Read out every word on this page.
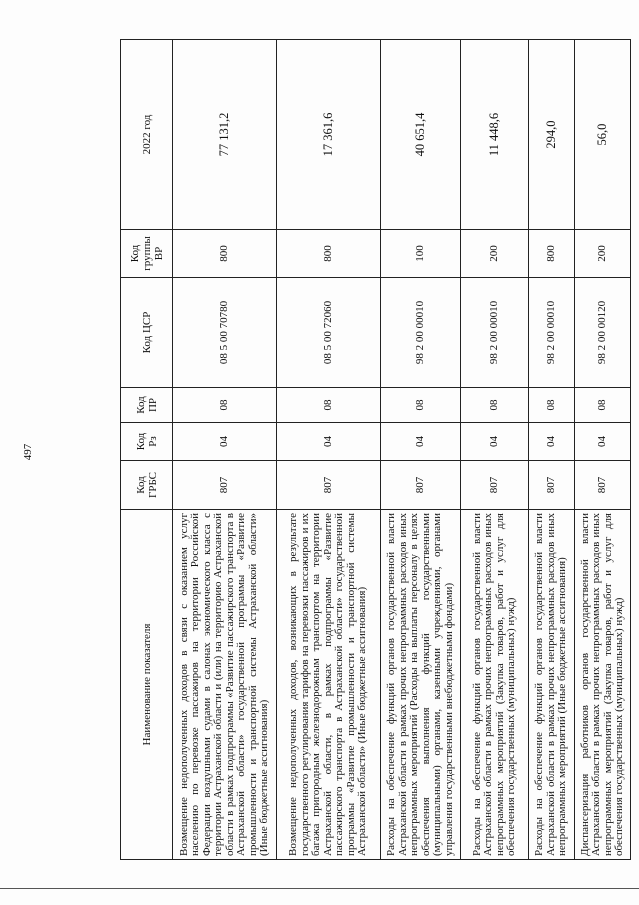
497
Наименование показателя	Код ГРБС	Код Рз	Код ПР	Код ЦСР	Код группы ВР	2022 год
Возмещение недополученных доходов в связи с оказанием услуг населению по перевозке пассажиров на территории Российской Федерации воздушными судами в салонах экономического класса с территории Астраханской области и (или) на территорию Астраханской области в рамках подпрограммы «Развитие пассажирского транспорта в Астраханской области» государственной программы «Развитие промышленности и транспортной системы Астраханской области» (Иные бюджетные ассигнования)	807	04	08	08 5 00 70780	800	77 131,2
Возмещение недополученных доходов, возникающих в результате государственного регулирования тарифов на перевозки пассажиров и их багажа пригородным железнодорожным транспортом на территории Астраханской области, в рамках подпрограммы «Развитие пассажирского транспорта в Астраханской области» государственной программы «Развитие промышленности и транспортной системы Астраханской области» (Иные бюджетные ассигнования)	807	04	08	08 5 00 72060	800	17 361,6
Расходы на обеспечение функций органов государственной власти Астраханской области в рамках прочих непрограммных расходов иных непрограммных мероприятий (Расходы на выплаты персоналу в целях обеспечения выполнения функций государственными (муниципальными) органами, казенными учреждениями, органами управления государственными внебюджетными фондами)	807	04	08	98 2 00 00010	100	40 651,4
Расходы на обеспечение функций органов государственной власти Астраханской области в рамках прочих непрограммных расходов иных непрограммных мероприятий (Закупка товаров, работ и услуг для обеспечения государственных (муниципальных) нужд)	807	04	08	98 2 00 00010	200	11 448,6
Расходы на обеспечение функций органов государственной власти Астраханской области в рамках прочих непрограммных расходов иных непрограммных мероприятий (Иные бюджетные ассигнования)	807	04	08	98 2 00 00010	800	294,0
Диспансеризация работников органов государственной власти Астраханской области в рамках прочих непрограммных расходов иных непрограммных мероприятий (Закупка товаров, работ и услуг для обеспечения государственных (муниципальных) нужд)	807	04	08	98 2 00 00120	200	56,0
